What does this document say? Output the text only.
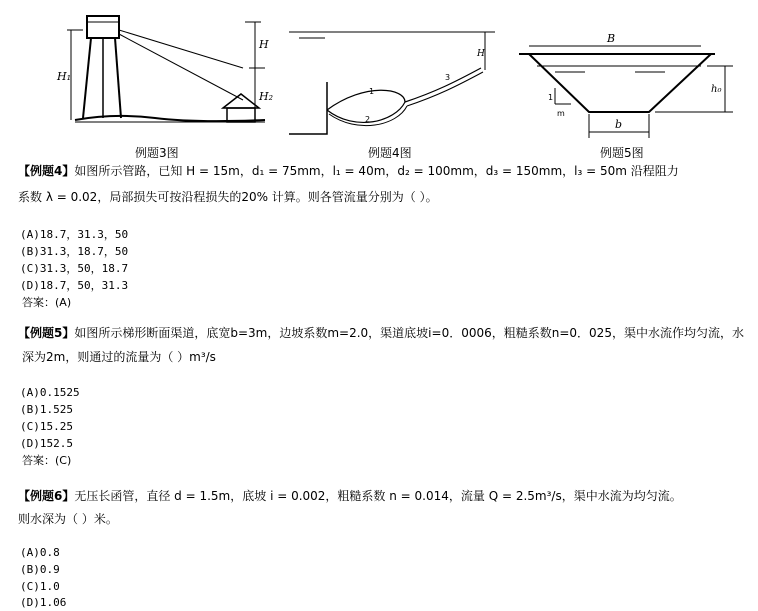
H₁
H
H₂
例题3图
H
1
2
3
例题4图
B
1
m
h₀
b
例题5图
【例题4】如图所示管路，已知 H = 15m，d₁ = 75mm，l₁ = 40m，d₂ = 100mm，d₃ = 150mm，l₃ = 50m 沿程阻力
系数 λ = 0.02，局部损失可按沿程损失的20% 计算。则各管流量分别为（ ）。
(A)18.7，31.3，50
(B)31.3，18.7，50
(C)31.3，50，18.7
(D)18.7，50，31.3
答案：(A)
【例题5】如图所示梯形断面渠道，底宽b=3m，边坡系数m=2.0，渠道底坡i=0．0006，粗糙系数n=0．025，渠中水流作均匀流，水
深为2m，则通过的流量为（ ）m³/s
(A)0.1525
(B)1.525
(C)15.25
(D)152.5
答案：(C)
【例题6】无压长函管，直径 d = 1.5m，底坡 i = 0.002，粗糙系数 n = 0.014，流量 Q = 2.5m³/s，渠中水流为均匀流。
则水深为（ ）米。
(A)0.8
(B)0.9
(C)1.0
(D)1.06
